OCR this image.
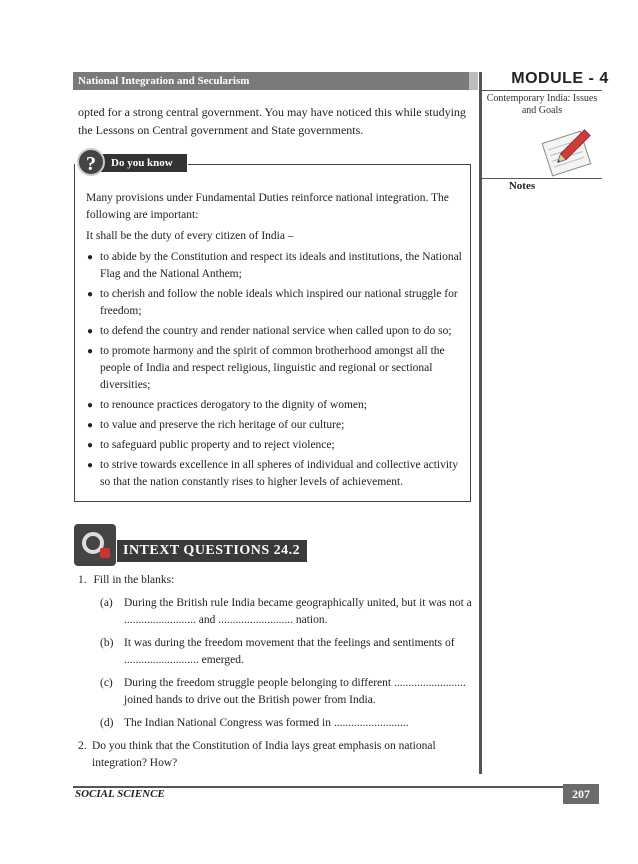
National Integration and Secularism	MODULE - 4
Contemporary India: Issues and Goals
Notes
opted for a strong central government. You may have noticed this while studying the Lessons on Central government and State governments.
Do you know
?

Many provisions under Fundamental Duties reinforce national integration. The following are important:

It shall be the duty of every citizen of India –

● to abide by the Constitution and respect its ideals and institutions, the National Flag and the National Anthem;
● to cherish and follow the noble ideals which inspired our national struggle for freedom;
● to defend the country and render national service when called upon to do so;
● to promote harmony and the spirit of common brotherhood amongst all the people of India and respect religious, linguistic and regional or sectional diversities;
● to renounce practices derogatory to the dignity of women;
● to value and preserve the rich heritage of our culture;
● to safeguard public property and to reject violence;
● to strive towards excellence in all spheres of individual and collective activity so that the nation constantly rises to higher levels of achievement.
INTEXT QUESTIONS 24.2
1. Fill in the blanks:
(a) During the British rule India became geographically united, but it was not a ......................... and .......................... nation.
(b) It was during the freedom movement that the feelings and sentiments of .......................... emerged.
(c) During the freedom struggle people belonging to different ......................... joined hands to drive out the British power from India.
(d) The Indian National Congress was formed in ..........................
2. Do you think that the Constitution of India lays great emphasis on national integration? How?
SOCIAL SCIENCE	207
